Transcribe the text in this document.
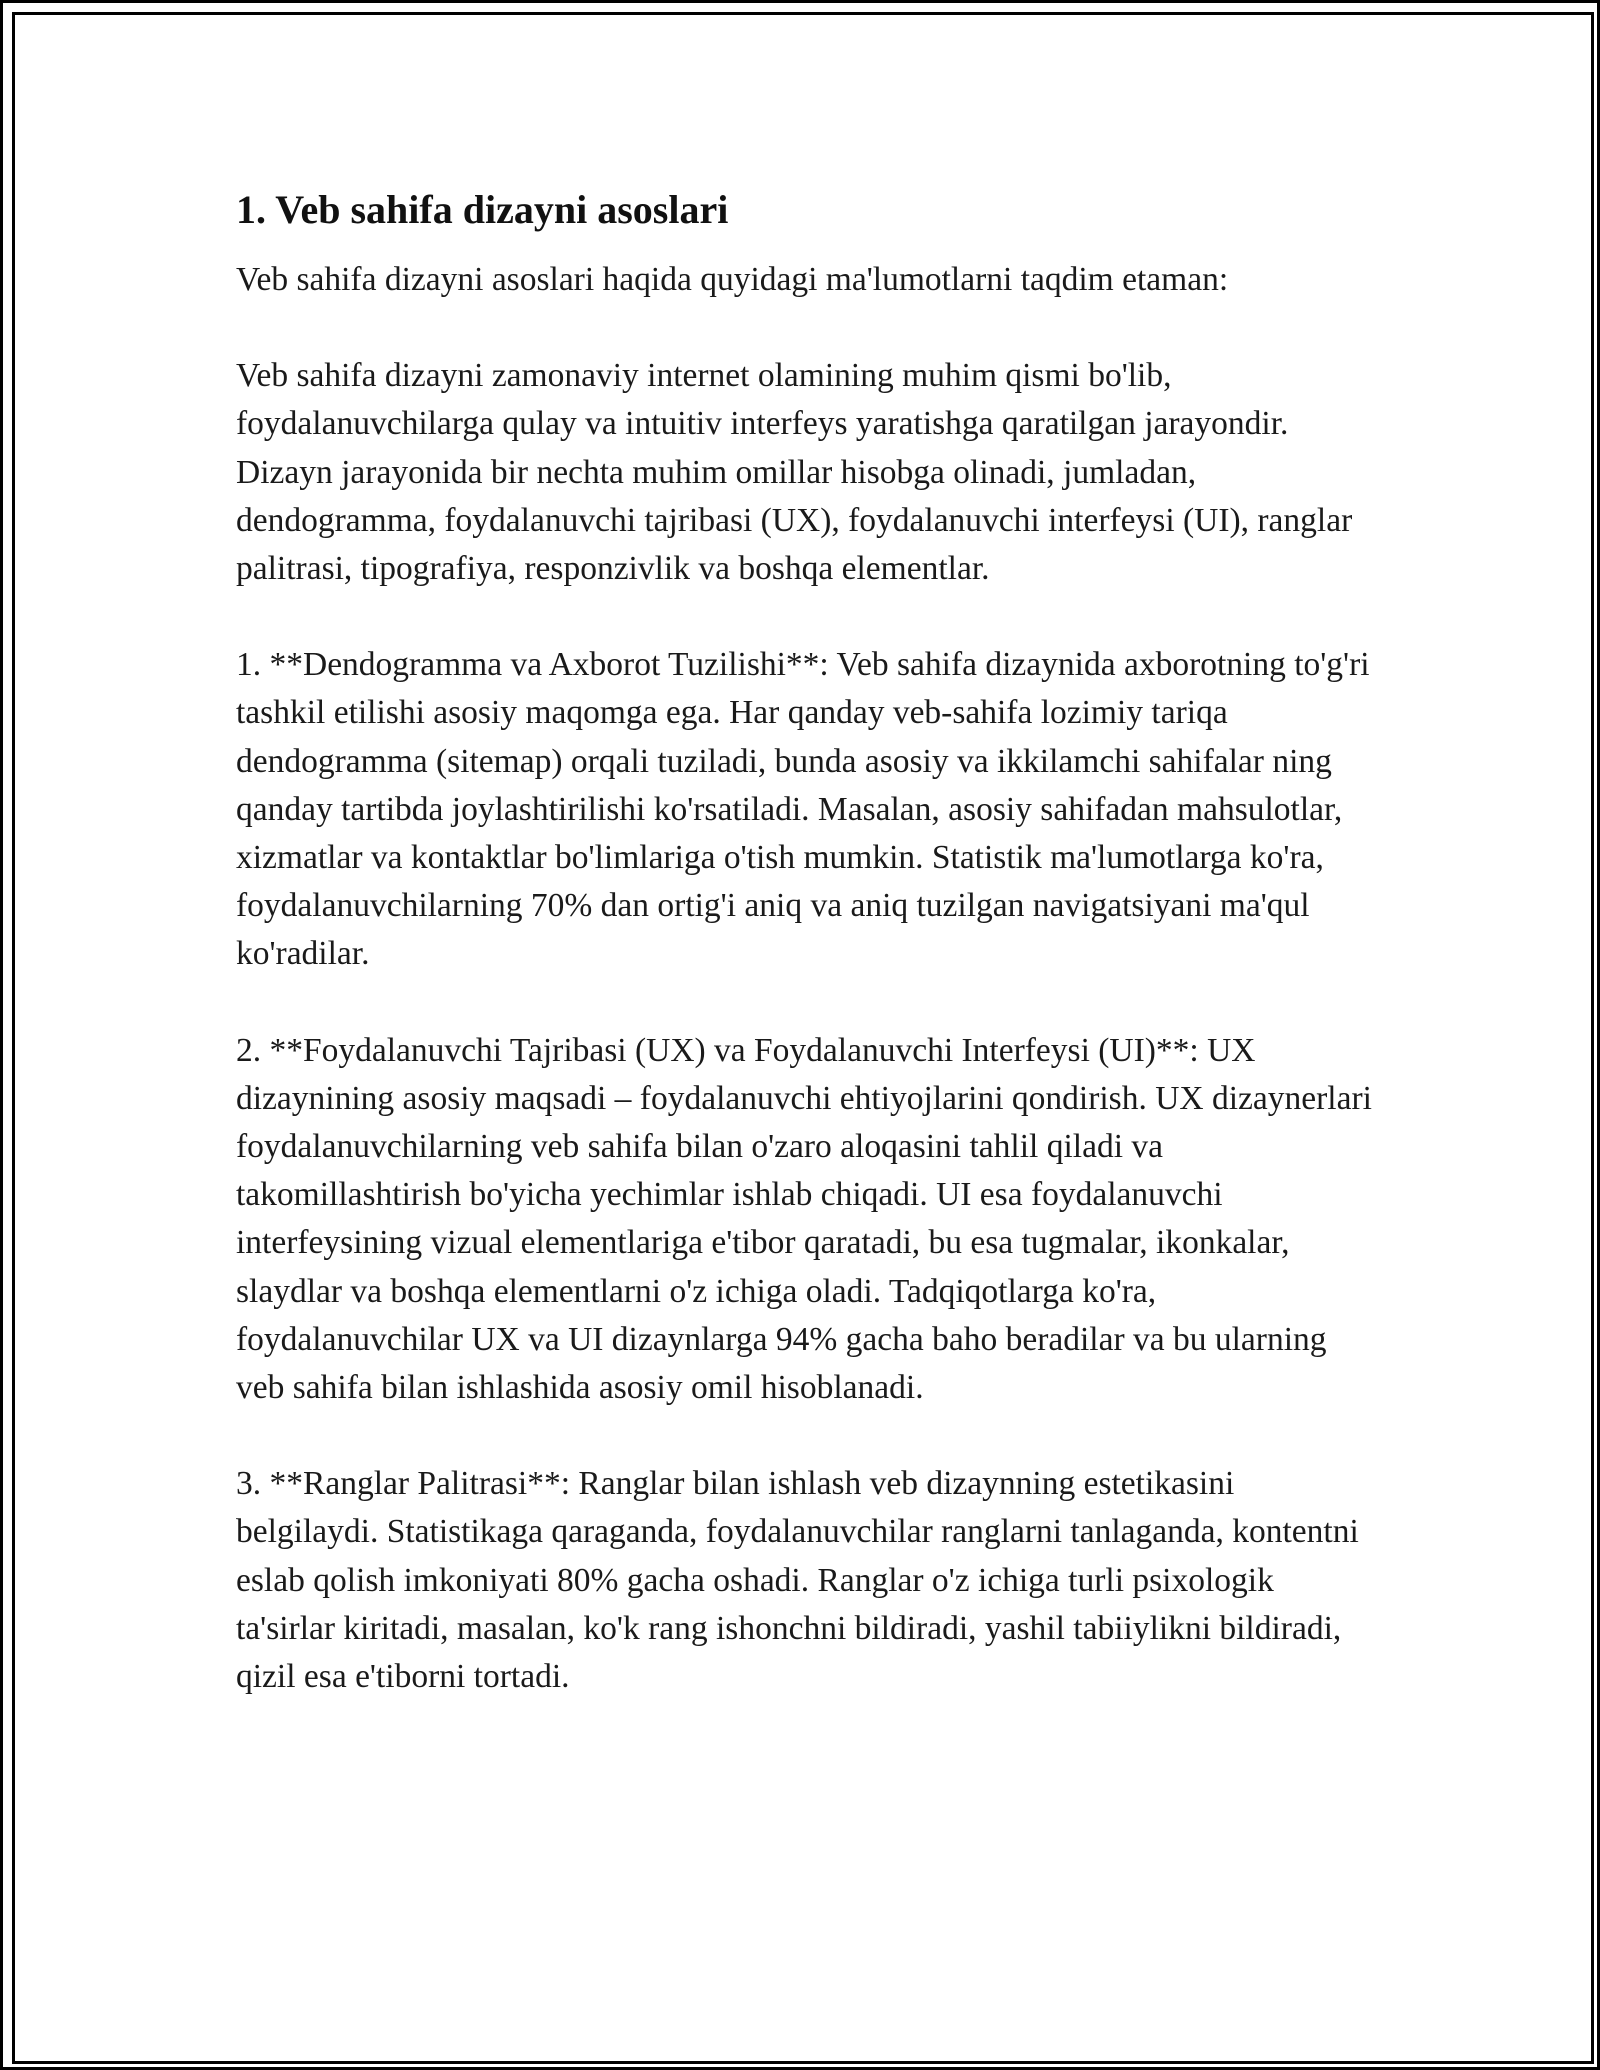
1. Veb sahifa dizayni asoslari

Veb sahifa dizayni asoslari haqida quyidagi ma'lumotlarni taqdim etaman:

Veb sahifa dizayni zamonaviy internet olamining muhim qismi bo'lib, foydalanuvchilarga qulay va intuitiv interfeys yaratishga qaratilgan jarayondir. Dizayn jarayonida bir nechta muhim omillar hisobga olinadi, jumladan, dendogramma, foydalanuvchi tajribasi (UX), foydalanuvchi interfeysi (UI), ranglar palitrasi, tipografiya, responzivlik va boshqa elementlar.

1. **Dendogramma va Axborot Tuzilishi**: Veb sahifa dizaynida axborotning to'g'ri tashkil etilishi asosiy maqomga ega. Har qanday veb-sahifa lozimiy tariqa dendogramma (sitemap) orqali tuziladi, bunda asosiy va ikkilamchi sahifalar ning qanday tartibda joylashtirilishi ko'rsatiladi. Masalan, asosiy sahifadan mahsulotlar, xizmatlar va kontaktlar bo'limlariga o'tish mumkin. Statistik ma'lumotlarga ko'ra, foydalanuvchilarning 70% dan ortig'i aniq va aniq tuzilgan navigatsiyani ma'qul ko'radilar.

2. **Foydalanuvchi Tajribasi (UX) va Foydalanuvchi Interfeysi (UI)**: UX dizaynining asosiy maqsadi – foydalanuvchi ehtiyojlarini qondirish. UX dizaynerlari foydalanuvchilarning veb sahifa bilan o'zaro aloqasini tahlil qiladi va takomillashtirish bo'yicha yechimlar ishlab chiqadi. UI esa foydalanuvchi interfeysining vizual elementlariga e'tibor qaratadi, bu esa tugmalar, ikonkalar, slaydlar va boshqa elementlarni o'z ichiga oladi. Tadqiqotlarga ko'ra, foydalanuvchilar UX va UI dizaynlarga 94% gacha baho beradilar va bu ularning veb sahifa bilan ishlashida asosiy omil hisoblanadi.

3. **Ranglar Palitrasi**: Ranglar bilan ishlash veb dizaynning estetikasini belgilaydi. Statistikaga qaraganda, foydalanuvchilar ranglarni tanlaganda, kontentni eslab qolish imkoniyati 80% gacha oshadi. Ranglar o'z ichiga turli psixologik ta'sirlar kiritadi, masalan, ko'k rang ishonchni bildiradi, yashil tabiiylikni bildiradi, qizil esa e'tiborni tortadi.
